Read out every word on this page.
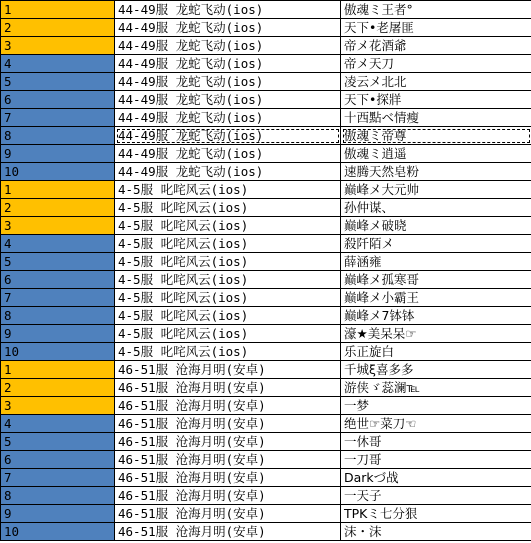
1	44-49服 龙蛇飞动(ios)	傲魂ミ王者°
2	44-49服 龙蛇飞动(ios)	天下•老屠匪
3	44-49服 龙蛇飞动(ios)	帝メ花酒爺
4	44-49服 龙蛇飞动(ios)	帝メ天刀
5	44-49服 龙蛇飞动(ios)	凌云メ北北
6	44-49服 龙蛇飞动(ios)	天下•探牂
7	44-49服 龙蛇飞动(ios)	十西點ベ情瘦
8	44-49服 龙蛇飞动(ios)	傲魂ミ帝尊
9	44-49服 龙蛇飞动(ios)	傲魂ミ逍遥
10	44-49服 龙蛇飞动(ios)	速腾天然皂粉
1	4-5服 叱咤风云(ios)	巅峰メ大元帅
2	4-5服 叱咤风云(ios)	孙仲谋、
3	4-5服 叱咤风云(ios)	巅峰メ破晓
4	4-5服 叱咤风云(ios)	殺阡陌メ
5	4-5服 叱咤风云(ios)	薛涵雍
6	4-5服 叱咤风云(ios)	巅峰メ孤寒哥
7	4-5服 叱咤风云(ios)	巅峰メ小霸王
8	4-5服 叱咤风云(ios)	巅峰メ7钵钵
9	4-5服 叱咤风云(ios)	濠★美呆呆☞
10	4-5服 叱咤风云(ios)	乐正旋白
1	46-51服 沧海月明(安卓)	千城ξ喜多多
2	46-51服 沧海月明(安卓)	游侠ゞ蕊澜℡
3	46-51服 沧海月明(安卓)	一梦
4	46-51服 沧海月明(安卓)	绝世☞菜刀☜
5	46-51服 沧海月明(安卓)	一休哥
6	46-51服 沧海月明(安卓)	一刀哥
7	46-51服 沧海月明(安卓)	Darkづ战
8	46-51服 沧海月明(安卓)	一天子
9	46-51服 沧海月明(安卓)	ΤΡΚミ七分狠
10	46-51服 沧海月明(安卓)	沫・沫
